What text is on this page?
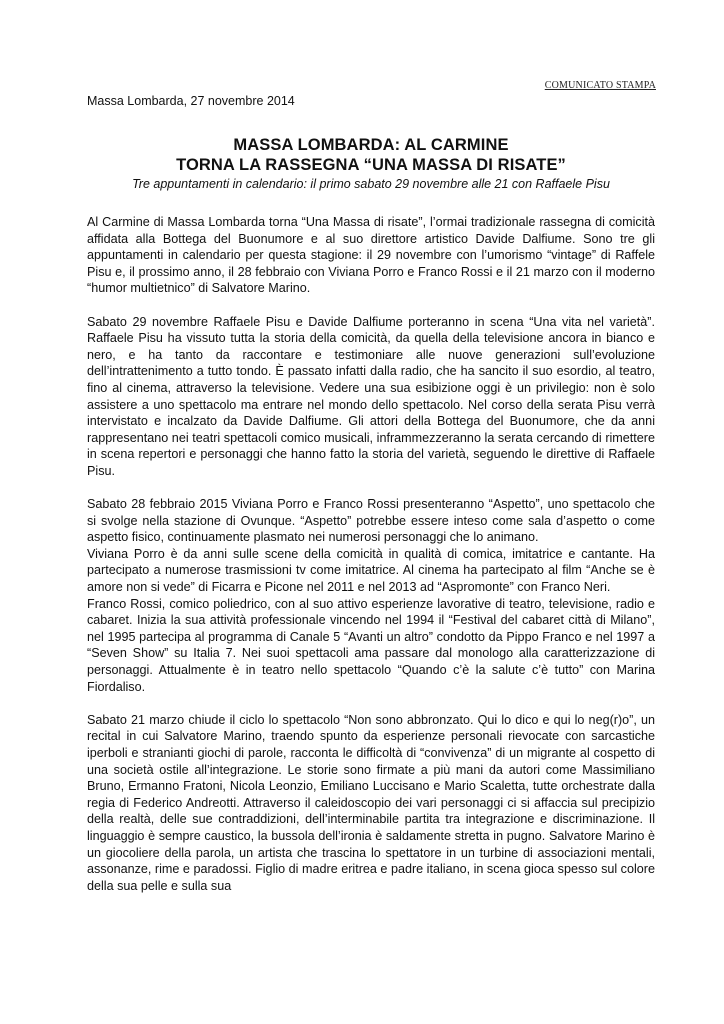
COMUNICATO STAMPA
Massa Lombarda, 27 novembre 2014
MASSA LOMBARDA: AL CARMINE
TORNA LA RASSEGNA “UNA MASSA DI RISATE”
Tre appuntamenti in calendario: il primo sabato 29 novembre alle 21 con Raffaele Pisu

Al Carmine di Massa Lombarda torna “Una Massa di risate”, l’ormai tradizionale rassegna di comicità affidata alla Bottega del Buonumore e al suo direttore artistico Davide Dalfiume. Sono tre gli appuntamenti in calendario per questa stagione: il 29 novembre con l’umorismo “vintage” di Raffele Pisu e, il prossimo anno, il 28 febbraio con Viviana Porro e Franco Rossi e il 21 marzo con il moderno “humor multietnico” di Salvatore Marino.

Sabato 29 novembre Raffaele Pisu e Davide Dalfiume porteranno in scena “Una vita nel varietà”. Raffaele Pisu ha vissuto tutta la storia della comicità, da quella della televisione ancora in bianco e nero, e ha tanto da raccontare e testimoniare alle nuove generazioni sull’evoluzione dell’intrattenimento a tutto tondo. È passato infatti dalla radio, che ha sancito il suo esordio, al teatro, fino al cinema, attraverso la televisione. Vedere una sua esibizione oggi è un privilegio: non è solo assistere a uno spettacolo ma entrare nel mondo dello spettacolo. Nel corso della serata Pisu verrà intervistato e incalzato da Davide Dalfiume. Gli attori della Bottega del Buonumore, che da anni rappresentano nei teatri spettacoli comico musicali, inframmezzeranno la serata cercando di rimettere in scena repertori e personaggi che hanno fatto la storia del varietà, seguendo le direttive di Raffaele Pisu.

Sabato 28 febbraio 2015 Viviana Porro e Franco Rossi presenteranno “Aspetto”, uno spettacolo che si svolge nella stazione di Ovunque. “Aspetto” potrebbe essere inteso come sala d’aspetto o come aspetto fisico, continuamente plasmato nei numerosi personaggi che lo animano.

Viviana Porro è da anni sulle scene della comicità in qualità di comica, imitatrice e cantante. Ha partecipato a numerose trasmissioni tv come imitatrice. Al cinema ha partecipato al film “Anche se è amore non si vede” di Ficarra e Picone nel 2011 e nel 2013 ad “Aspromonte” con Franco Neri.

Franco Rossi, comico poliedrico, con al suo attivo esperienze lavorative di teatro, televisione, radio e cabaret. Inizia la sua attività professionale vincendo nel 1994 il “Festival del cabaret città di Milano”, nel 1995 partecipa al programma di Canale 5 “Avanti un altro” condotto da Pippo Franco e nel 1997 a “Seven Show” su Italia 7. Nei suoi spettacoli ama passare dal monologo alla caratterizzazione di personaggi. Attualmente è in teatro nello spettacolo “Quando c’è la salute c’è tutto” con Marina Fiordaliso.

Sabato 21 marzo chiude il ciclo lo spettacolo “Non sono abbronzato. Qui lo dico e qui lo neg(r)o”, un recital in cui Salvatore Marino, traendo spunto da esperienze personali rievocate con sarcastiche iperboli e stranianti giochi di parole, racconta le difficoltà di “convivenza” di un migrante al cospetto di una società ostile all’integrazione. Le storie sono firmate a più mani da autori come Massimiliano Bruno, Ermanno Fratoni, Nicola Leonzio, Emiliano Luccisano e Mario Scaletta, tutte orchestrate dalla regia di Federico Andreotti. Attraverso il caleidoscopio dei vari personaggi ci si affaccia sul precipizio della realtà, delle sue contraddizioni, dell’interminabile partita tra integrazione e discriminazione. Il linguaggio è sempre caustico, la bussola dell’ironia è saldamente stretta in pugno. Salvatore Marino è un giocoliere della parola, un artista che trascina lo spettatore in un turbine di associazioni mentali, assonanze, rime e paradossi. Figlio di madre eritrea e padre italiano, in scena gioca spesso sul colore della sua pelle e sulla sua
